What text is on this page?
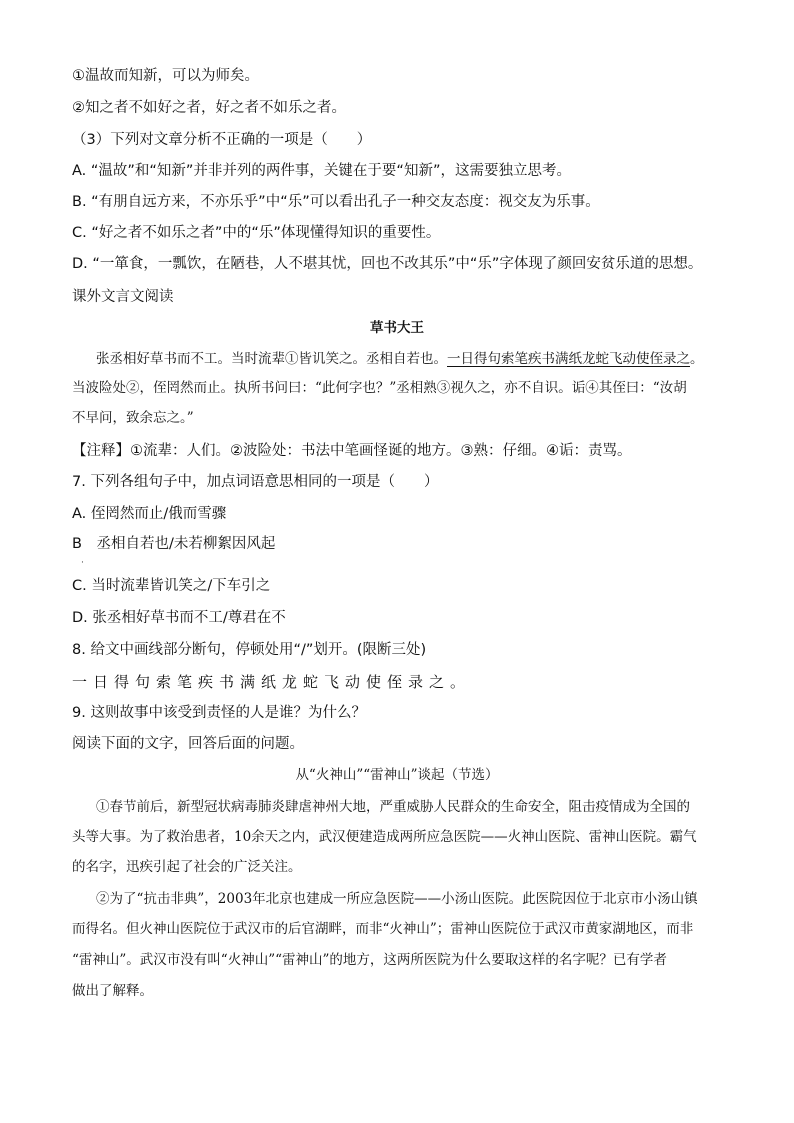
①温故而知新，可以为师矣。
②知之者不如好之者，好之者不如乐之者。
（3）下列对文章分析不正确的一项是（　　）
A. “温故”和“知新”并非并列的两件事，关键在于要“知新”，这需要独立思考。
B. “有朋自远方来，不亦乐乎”中“乐”可以看出孔子一种交友态度：视交友为乐事。
C. “好之者不如乐之者”中的“乐”体现懂得知识的重要性。
D. “一箪食，一瓢饮，在陋巷，人不堪其忧，回也不改其乐”中“乐”字体现了颜回安贫乐道的思想。
课外文言文阅读
草书大王
张丞相好草书而不工。当时流辈①皆讥笑之。丞相自若也。一日得句索笔疾书满纸龙蛇飞动使侄录之。
当波险处②，侄罔然而止。执所书问曰：“此何字也？”丞相熟③视久之，亦不自识。诟④其侄曰：“汝胡
不早问，致余忘之。”
【注释】①流辈：人们。②波险处：书法中笔画怪诞的地方。③熟：仔细。④诟：责骂。
7. 下列各组句子中，加点词语意思相同的一项是（　　）
A. 侄罔然而止/俄而雪骤
B　丞相自若也/未若柳絮因风起
·
C. 当时流辈皆讥笑之/下车引之
D. 张丞相好草书而不工/尊君在不
8. 给文中画线部分断句，停顿处用“/”划开。(限断三处)
一日得句索笔疾书满纸龙蛇飞动使侄录之。
9. 这则故事中该受到责怪的人是谁？为什么？
阅读下面的文字，回答后面的问题。
从“火神山”“雷神山”谈起（节选）
①春节前后，新型冠状病毒肺炎肆虐神州大地，严重威胁人民群众的生命安全，阻击疫情成为全国的
头等大事。为了救治患者，10余天之内，武汉便建造成两所应急医院——火神山医院、雷神山医院。霸气
的名字，迅疾引起了社会的广泛关注。
②为了“抗击非典”，2003年北京也建成一所应急医院——小汤山医院。此医院因位于北京市小汤山镇
而得名。但火神山医院位于武汉市的后官湖畔，而非“火神山”；雷神山医院位于武汉市黄家湖地区，而非
“雷神山”。武汉市没有叫“火神山”“雷神山”的地方，这两所医院为什么要取这样的名字呢？已有学者
做出了解释。
